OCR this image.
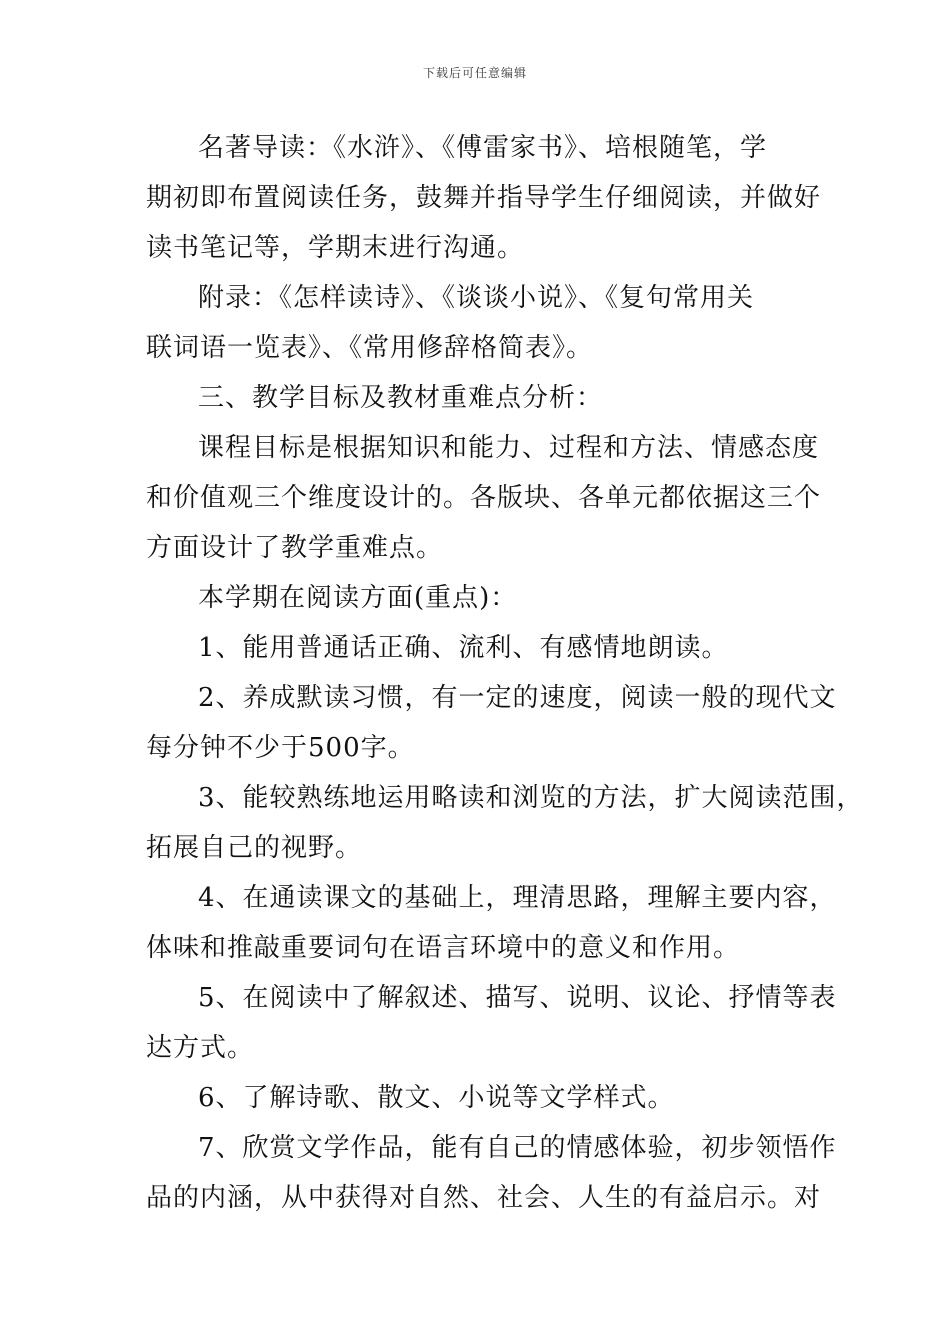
下载后可任意编辑
名著导读：《水浒》、《傅雷家书》、培根随笔，学
期初即布置阅读任务，鼓舞并指导学生仔细阅读，并做好
读书笔记等，学期末进行沟通。
附录：《怎样读诗》、《谈谈小说》、《复句常用关
联词语一览表》、《常用修辞格简表》。
三、教学目标及教材重难点分析：
课程目标是根据知识和能力、过程和方法、情感态度
和价值观三个维度设计的。各版块、各单元都依据这三个
方面设计了教学重难点。
本学期在阅读方面(重点)：
1、能用普通话正确、流利、有感情地朗读。
2、养成默读习惯，有一定的速度，阅读一般的现代文
每分钟不少于500字。
3、能较熟练地运用略读和浏览的方法，扩大阅读范围，
拓展自己的视野。
4、在通读课文的基础上，理清思路，理解主要内容，
体味和推敲重要词句在语言环境中的意义和作用。
5、在阅读中了解叙述、描写、说明、议论、抒情等表
达方式。
6、了解诗歌、散文、小说等文学样式。
7、欣赏文学作品，能有自己的情感体验，初步领悟作
品的内涵，从中获得对自然、社会、人生的有益启示。对
